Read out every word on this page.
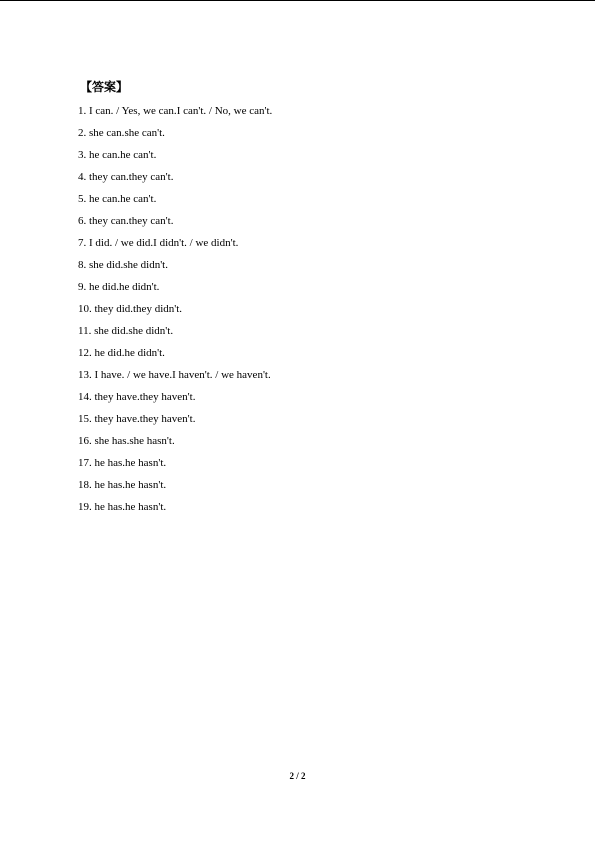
【答案】
1. I can. / Yes, we can.I can't. / No, we can't.
2. she can.she can't.
3. he can.he can't.
4. they can.they can't.
5. he can.he can't.
6. they can.they can't.
7. I did. / we did.I didn't. / we didn't.
8. she did.she didn't.
9. he did.he didn't.
10. they did.they didn't.
11. she did.she didn't.
12. he did.he didn't.
13. I have. / we have.I haven't. / we haven't.
14. they have.they haven't.
15. they have.they haven't.
16. she has.she hasn't.
17. he has.he hasn't.
18. he has.he hasn't.
19. he has.he hasn't.
2 / 2
